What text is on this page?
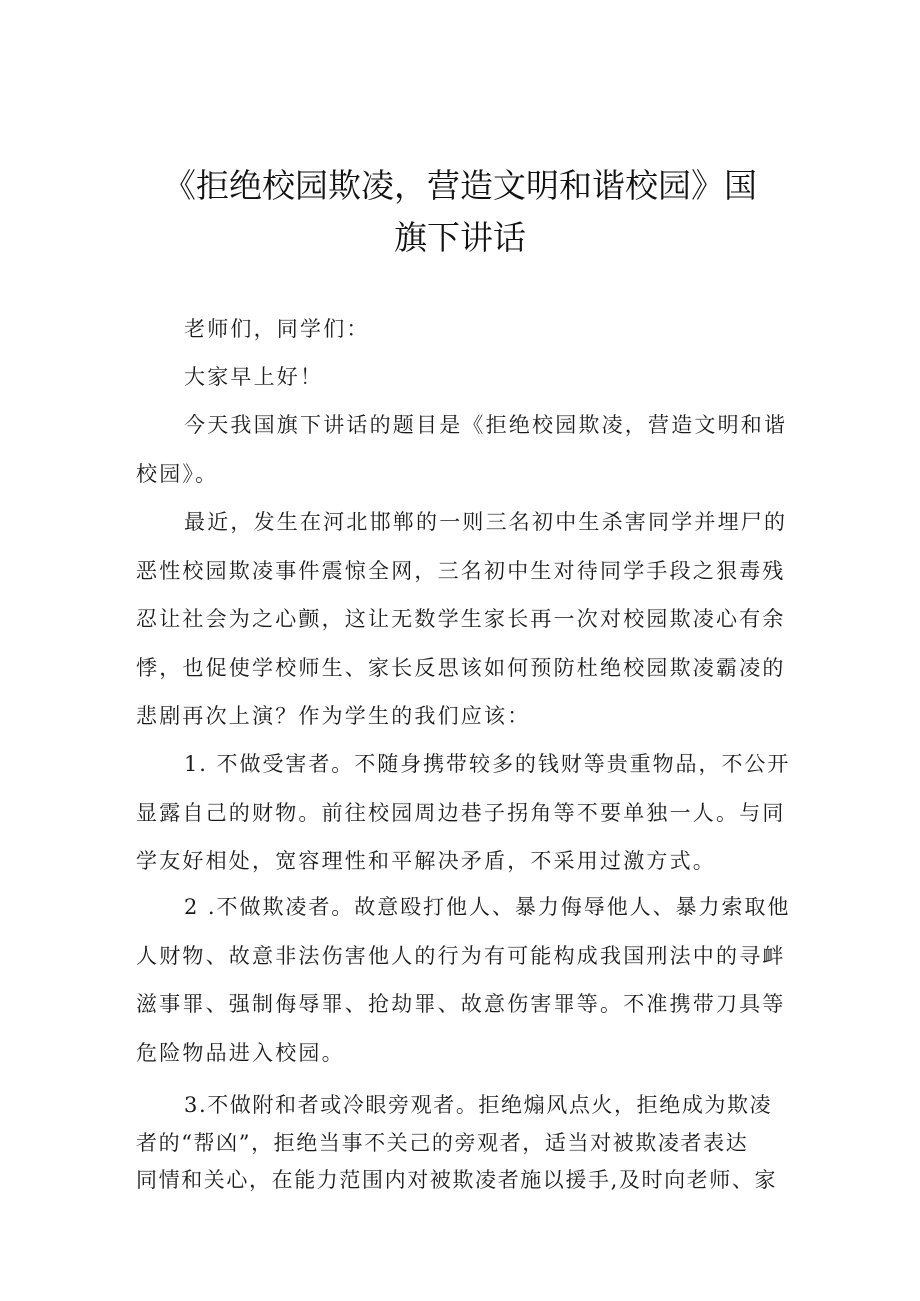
《拒绝校园欺凌，营造文明和谐校园》国
旗下讲话

老师们，同学们：

大家早上好！

今天我国旗下讲话的题目是《拒绝校园欺凌，营造文明和谐
校园》。

最近，发生在河北邯郸的一则三名初中生杀害同学并埋尸的
恶性校园欺凌事件震惊全网，三名初中生对待同学手段之狠毒残
忍让社会为之心颤，这让无数学生家长再一次对校园欺凌心有余
悸，也促使学校师生、家长反思该如何预防杜绝校园欺凌霸凌的
悲剧再次上演？作为学生的我们应该：

1. 不做受害者。不随身携带较多的钱财等贵重物品，不公开
显露自己的财物。前往校园周边巷子拐角等不要单独一人。与同
学友好相处，宽容理性和平解决矛盾，不采用过激方式。

2 .不做欺凌者。故意殴打他人、暴力侮辱他人、暴力索取他
人财物、故意非法伤害他人的行为有可能构成我国刑法中的寻衅
滋事罪、强制侮辱罪、抢劫罪、故意伤害罪等。不准携带刀具等
危险物品进入校园。

3.不做附和者或冷眼旁观者。拒绝煽风点火，拒绝成为欺凌
者的“帮凶”，拒绝当事不关己的旁观者，适当对被欺凌者表达
同情和关心，在能力范围内对被欺凌者施以援手,及时向老师、家
